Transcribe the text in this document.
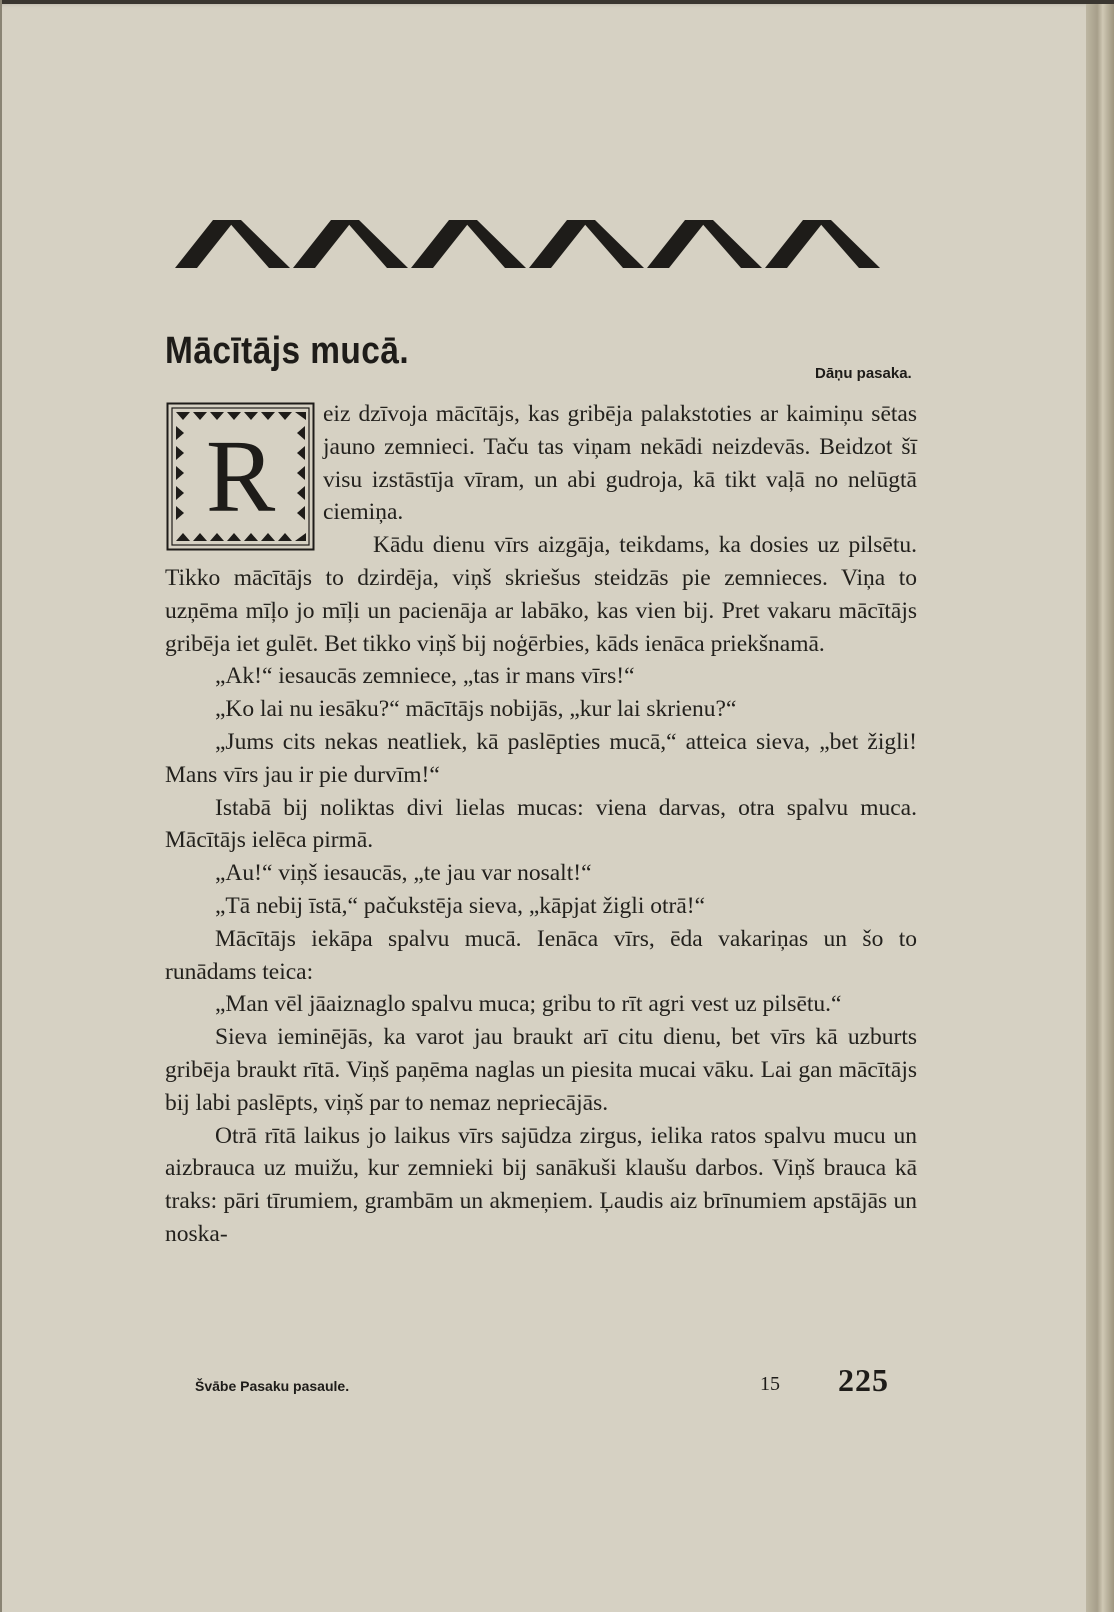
Mācītājs mucā.
Dāņu pasaka.
R

eiz dzīvoja mācītājs, kas gribēja palakstoties ar kaimiņu sētas jauno zemnieci. Taču tas viņam nekādi neizdevās. Beidzot šī visu izstāstīja vīram, un abi gudroja, kā tikt vaļā no nelūgtā ciemiņa.

Kādu dienu vīrs aizgāja, teikdams, ka dosies uz pilsētu. Tikko mācītājs to dzirdēja, viņš skriešus steidzās pie zemnieces. Viņa to uzņēma mīļo jo mīļi un pacienāja ar labāko, kas vien bij. Pret vakaru mācītājs gribēja iet gulēt. Bet tikko viņš bij noģērbies, kāds ienāca priekšnamā.

„Ak!“ iesaucās zemniece, „tas ir mans vīrs!“

„Ko lai nu iesāku?“ mācītājs nobijās, „kur lai skrienu?“

„Jums cits nekas neatliek, kā paslēpties mucā,“ atteica sieva, „bet žigli! Mans vīrs jau ir pie durvīm!“

Istabā bij noliktas divi lielas mucas: viena darvas, otra spalvu muca. Mācītājs ielēca pirmā.

„Au!“ viņš iesaucās, „te jau var nosalt!“

„Tā nebij īstā,“ pačukstēja sieva, „kāpjat žigli otrā!“

Mācītājs iekāpa spalvu mucā. Ienāca vīrs, ēda vakariņas un šo to runādams teica:

„Man vēl jāaiznaglo spalvu muca; gribu to rīt agri vest uz pilsētu.“

Sieva ieminējās, ka varot jau braukt arī citu dienu, bet vīrs kā uzburts gribēja braukt rītā. Viņš paņēma naglas un piesita mucai vāku. Lai gan mācītājs bij labi paslēpts, viņš par to nemaz nepriecājās.

Otrā rītā laikus jo laikus vīrs sajūdza zirgus, ielika ratos spalvu mucu un aizbrauca uz muižu, kur zemnieki bij sanākuši klaušu darbos. Viņš brauca kā traks: pāri tīrumiem, grambām un akmeņiem. Ļaudis aiz brīnumiem apstājās un noska-

Švābe Pasaku pasaule.	15 225
